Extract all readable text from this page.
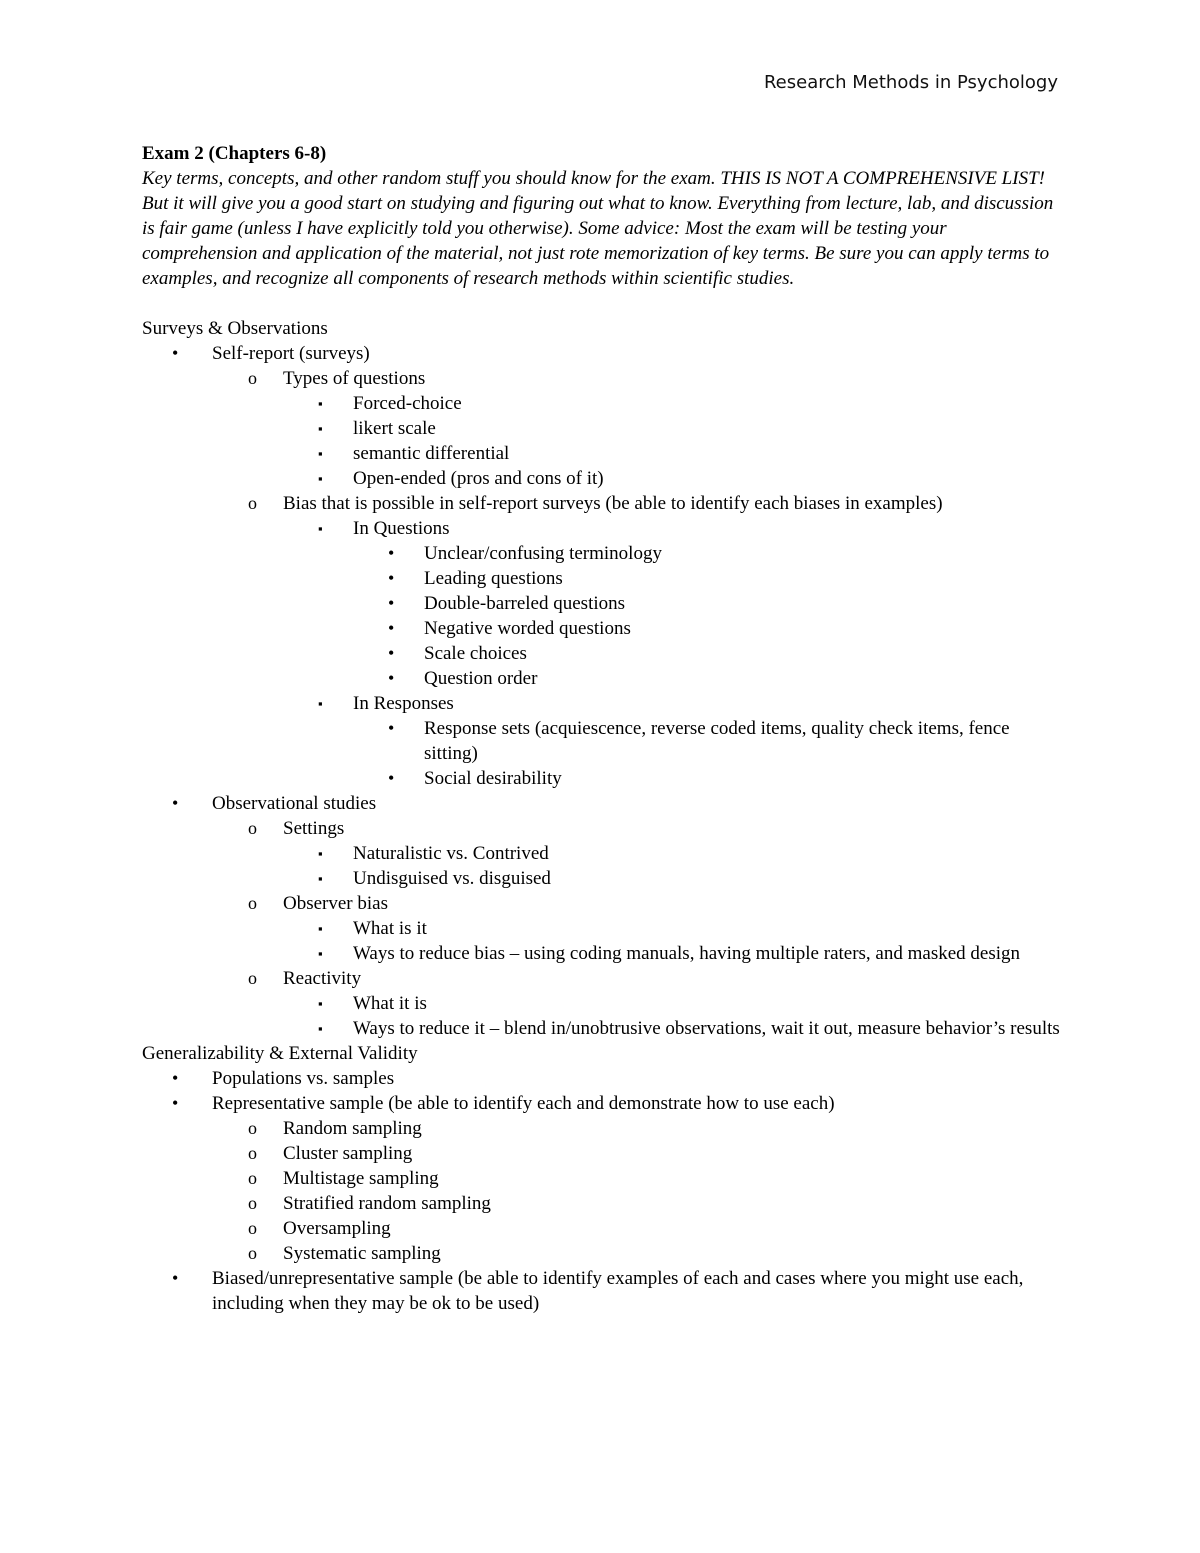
Research Methods in Psychology
Exam 2 (Chapters 6-8)
Key terms, concepts, and other random stuff you should know for the exam. THIS IS NOT A COMPREHENSIVE LIST! But it will give you a good start on studying and figuring out what to know. Everything from lecture, lab, and discussion is fair game (unless I have explicitly told you otherwise). Some advice: Most the exam will be testing your comprehension and application of the material, not just rote memorization of key terms. Be sure you can apply terms to examples, and recognize all components of research methods within scientific studies.
Surveys & Observations
• Self-report (surveys)
o Types of questions
▪ Forced-choice
▪ likert scale
▪ semantic differential
▪ Open-ended (pros and cons of it)
o Bias that is possible in self-report surveys (be able to identify each biases in examples)
▪ In Questions
• Unclear/confusing terminology
• Leading questions
• Double-barreled questions
• Negative worded questions
• Scale choices
• Question order
▪ In Responses
• Response sets (acquiescence, reverse coded items, quality check items, fence sitting)
• Social desirability
• Observational studies
o Settings
▪ Naturalistic vs. Contrived
▪ Undisguised vs. disguised
o Observer bias
▪ What is it
▪ Ways to reduce bias – using coding manuals, having multiple raters, and masked design
o Reactivity
▪ What it is
▪ Ways to reduce it – blend in/unobtrusive observations, wait it out, measure behavior’s results
Generalizability & External Validity
• Populations vs. samples
• Representative sample (be able to identify each and demonstrate how to use each)
o Random sampling
o Cluster sampling
o Multistage sampling
o Stratified random sampling
o Oversampling
o Systematic sampling
• Biased/unrepresentative sample (be able to identify examples of each and cases where you might use each, including when they may be ok to be used)
